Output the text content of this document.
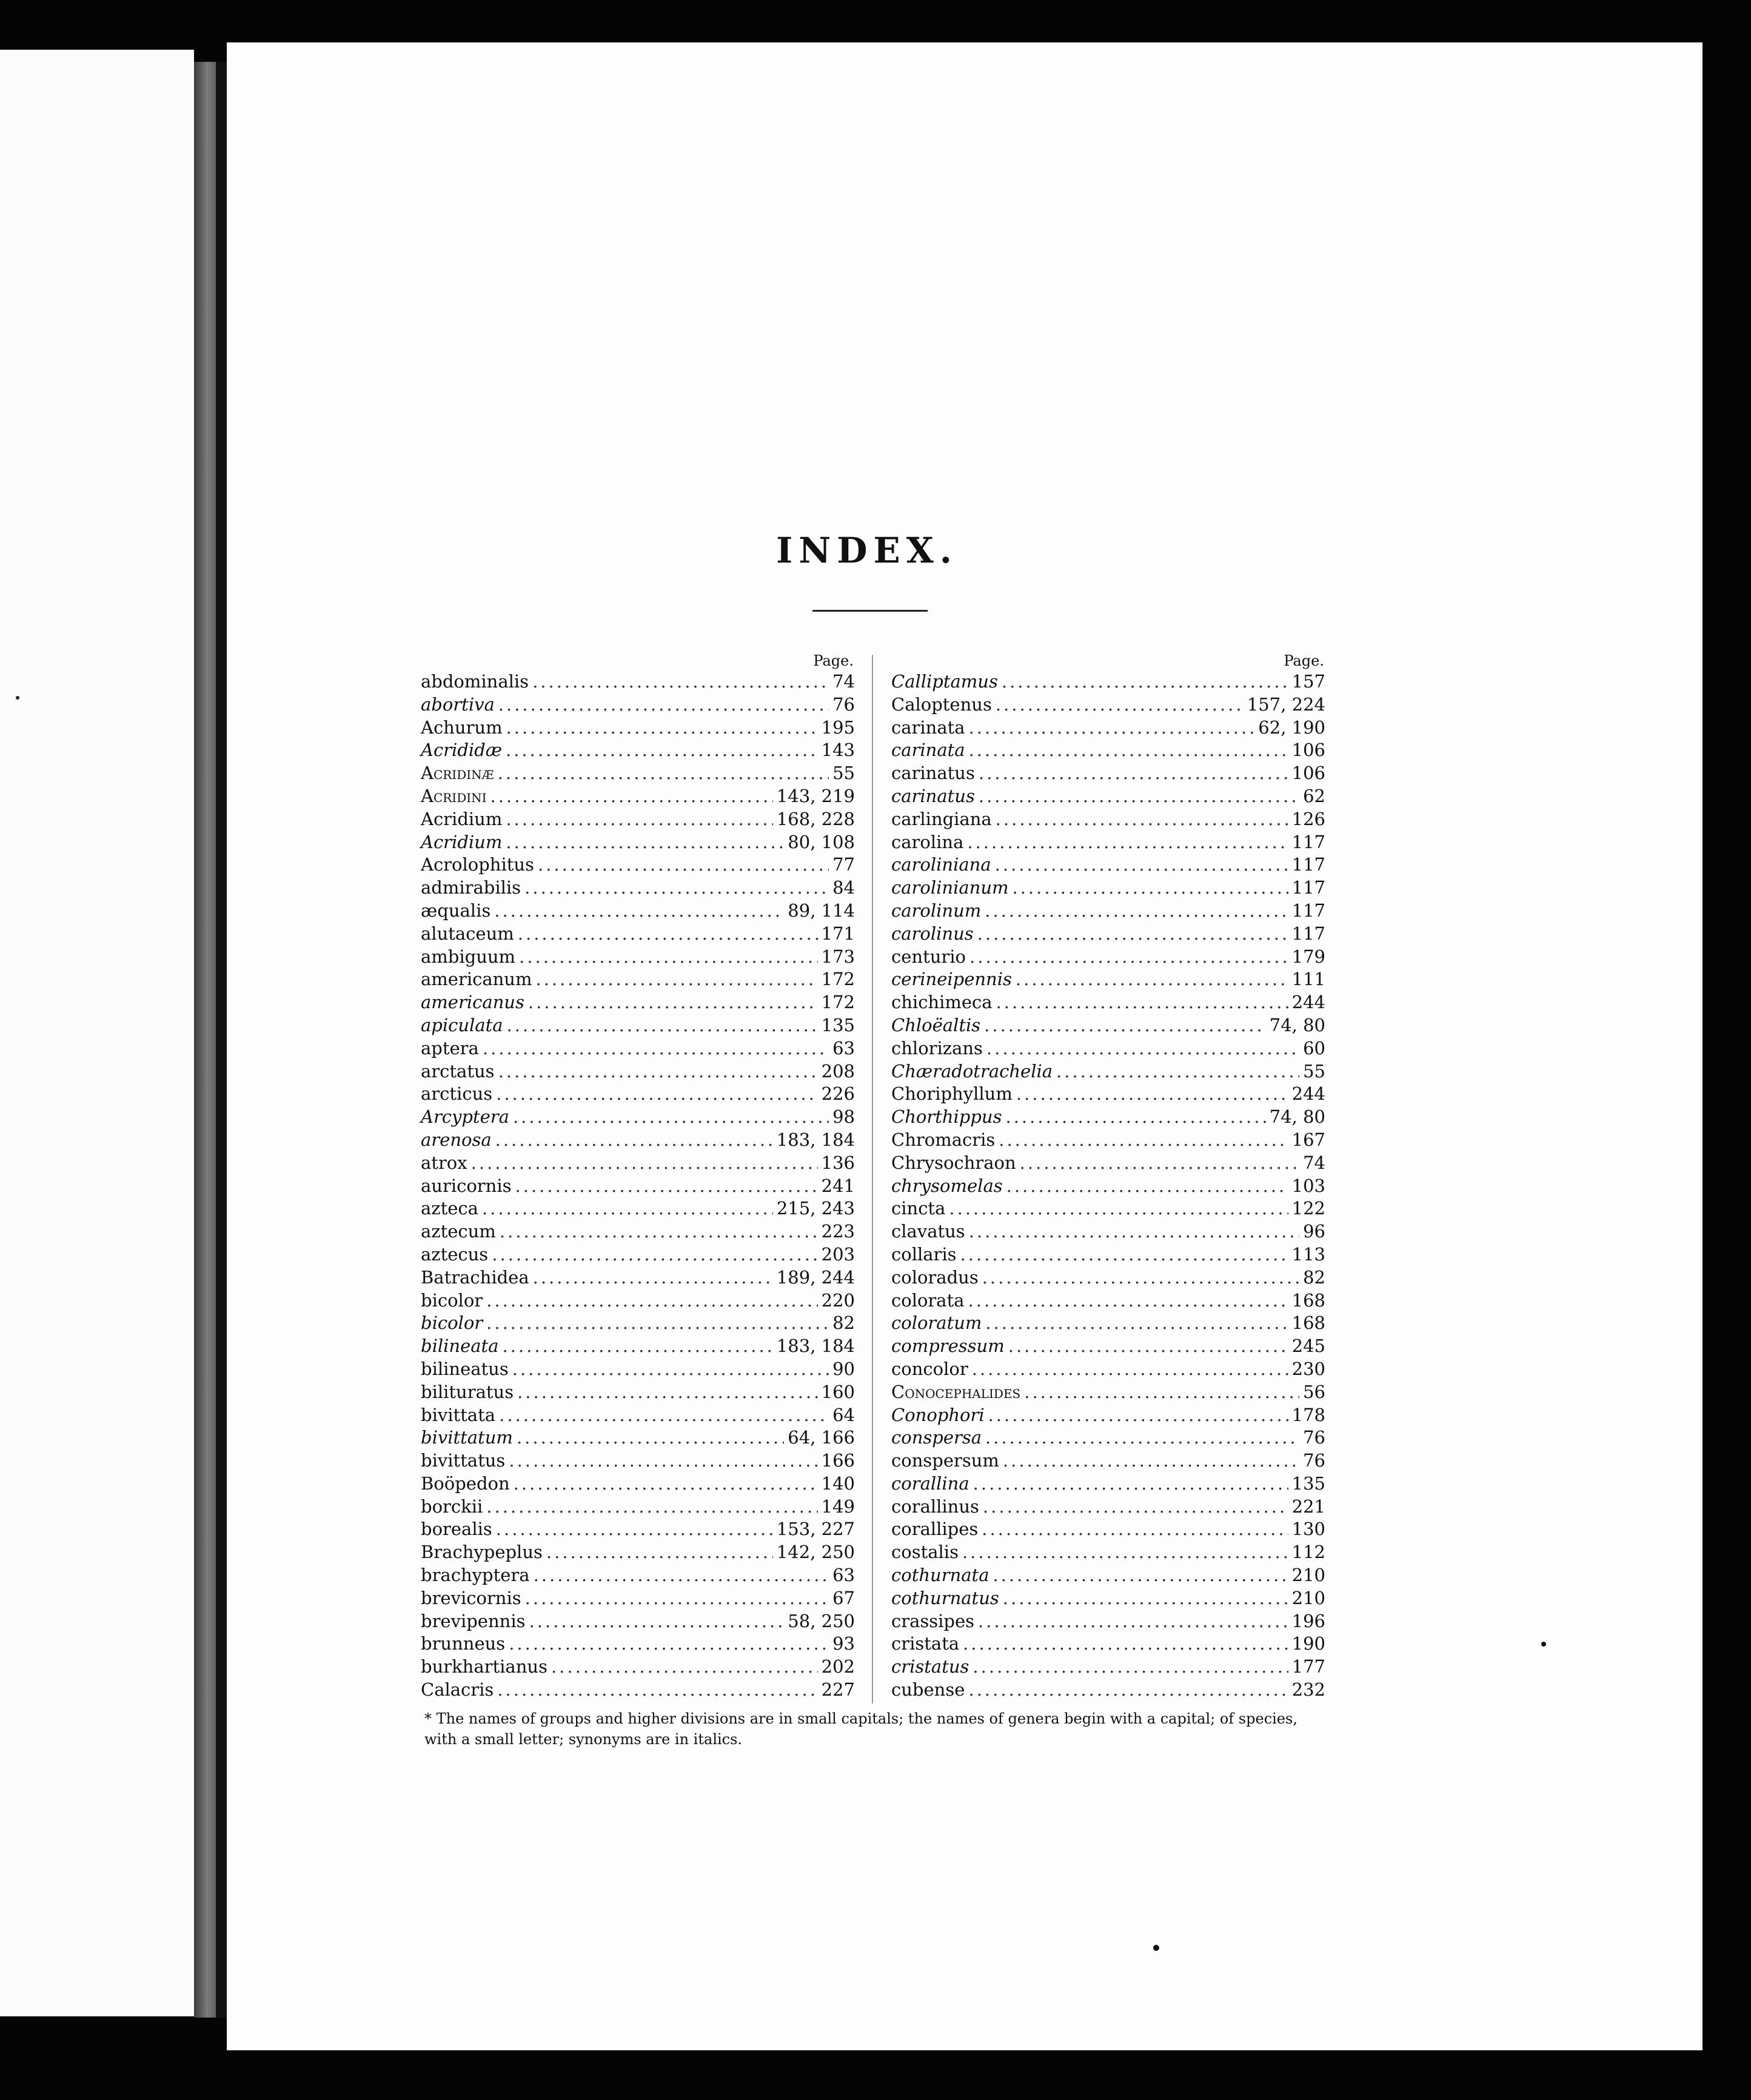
INDEX.
Page.
abdominalis .....	74
abortiva .....	76
Achurum .....	195
Acrididæ .....	143
Acridinæ .....	55
Acridini .....	143, 219
Acridium .....	168, 228
Acridium .....	80, 108
Acrolophitus .....	77
admirabilis .....	84
æqualis .....	89, 114
alutaceum .....	171
ambiguum .....	173
americanum .....	172
americanus .....	172
apiculata .....	135
aptera .....	63
arctatus .....	208
arcticus .....	226
Arcyptera .....	98
arenosa .....	183, 184
atrox .....	136
auricornis .....	241
azteca .....	215, 243
aztecum .....	223
aztecus .....	203
Batrachidea .....	189, 244
bicolor .....	220
bicolor .....	82
bilineata .....	183, 184
bilineatus .....	90
bilituratus .....	160
bivittata .....	64
bivittatum .....	64, 166
bivittatus .....	166
Boöpedon .....	140
borckii .....	149
borealis .....	153, 227
Brachypeplus .....	142, 250
brachyptera .....	63
brevicornis .....	67
brevipennis .....	58, 250
brunneus .....	93
burkhartianus .....	202
Calacris .....	227
Page.
Calliptamus .....	157
Caloptenus .....	157, 224
carinata .....	62, 190
carinata .....	106
carinatus .....	106
carinatus .....	62
carlingiana .....	126
carolina .....	117
caroliniana .....	117
carolinianum .....	117
carolinum .....	117
carolinus .....	117
centurio .....	179
cerineipennis .....	111
chichimeca .....	244
Chloëaltis .....	74, 80
chlorizans .....	60
Chæradotrachelia .....	55
Choriphyllum .....	244
Chorthippus .....	74, 80
Chromacris .....	167
Chrysochraon .....	74
chrysomelas .....	103
cincta .....	122
clavatus .....	96
collaris .....	113
coloradus .....	82
colorata .....	168
coloratum .....	168
compressum .....	245
concolor .....	230
Conocephalides .....	56
Conophori .....	178
conspersa .....	76
conspersum .....	76
corallina .....	135
corallinus .....	221
corallipes .....	130
costalis .....	112
cothurnata .....	210
cothurnatus .....	210
crassipes .....	196
cristata .....	190
cristatus .....	177
cubense .....	232
* The names of groups and higher divisions are in small capitals; the names of genera begin with a capital; of species, with a small letter; synonyms are in italics.
